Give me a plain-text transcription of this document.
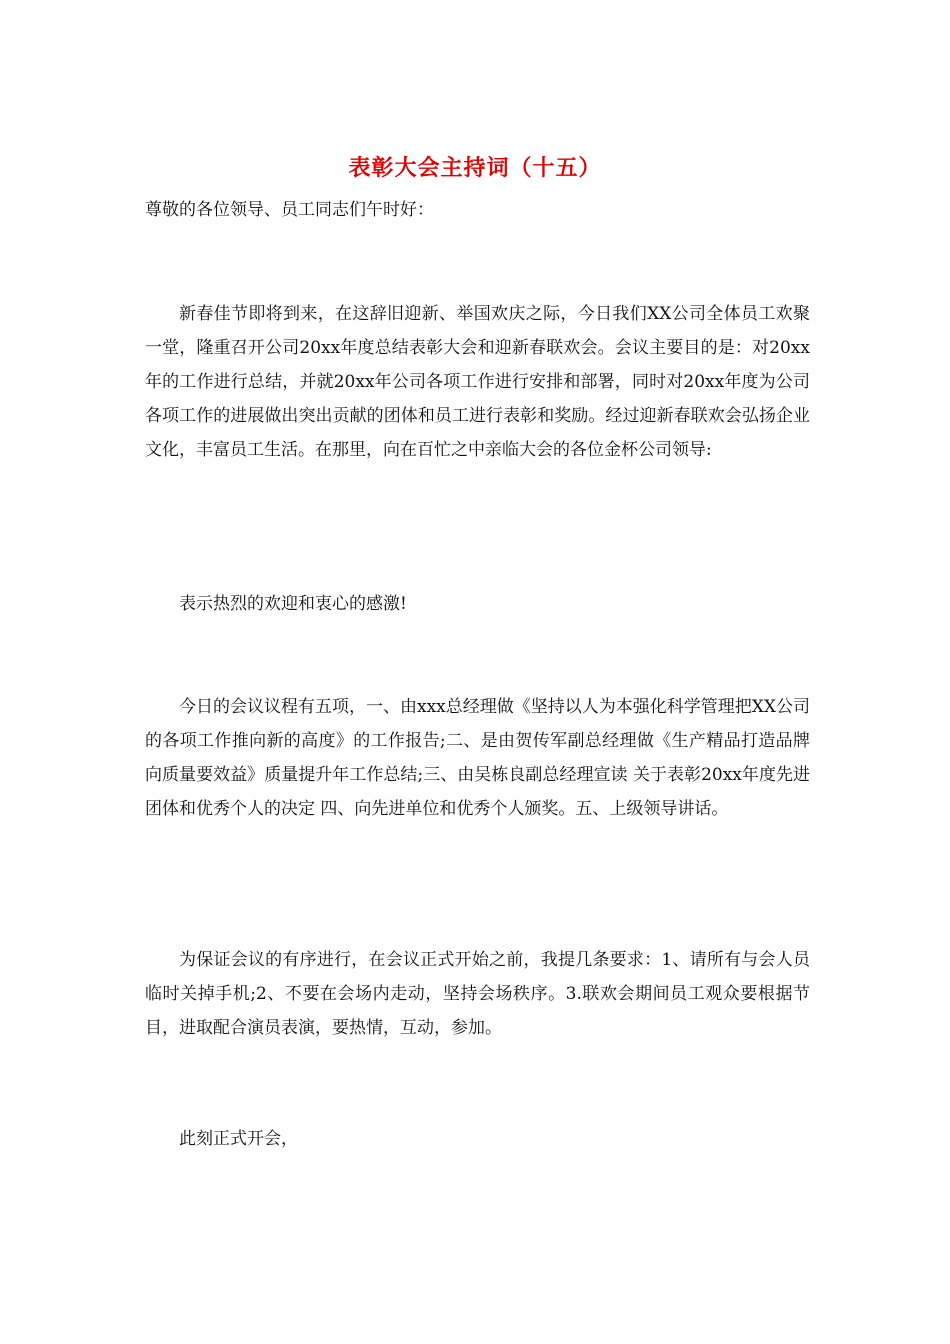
表彰大会主持词（十五）
尊敬的各位领导、员工同志们午时好：

新春佳节即将到来，在这辞旧迎新、举国欢庆之际，今日我们XX公司全体员工欢聚一堂，隆重召开公司20xx年度总结表彰大会和迎新春联欢会。会议主要目的是：对20xx年的工作进行总结，并就20xx年公司各项工作进行安排和部署，同时对20xx年度为公司各项工作的进展做出突出贡献的团体和员工进行表彰和奖励。经过迎新春联欢会弘扬企业文化，丰富员工生活。在那里，向在百忙之中亲临大会的各位金杯公司领导:

表示热烈的欢迎和衷心的感激!

今日的会议议程有五项，一、由xxx总经理做《坚持以人为本强化科学管理把XX公司的各项工作推向新的高度》的工作报告;二、是由贺传军副总经理做《生产精品打造品牌向质量要效益》质量提升年工作总结;三、由吴栋良副总经理宣读 关于表彰20xx年度先进团体和优秀个人的决定 四、向先进单位和优秀个人颁奖。五、上级领导讲话。

为保证会议的有序进行，在会议正式开始之前，我提几条要求：1、请所有与会人员临时关掉手机;2、不要在会场内走动，坚持会场秩序。3.联欢会期间员工观众要根据节目，进取配合演员表演，要热情，互动，参加。

此刻正式开会，
